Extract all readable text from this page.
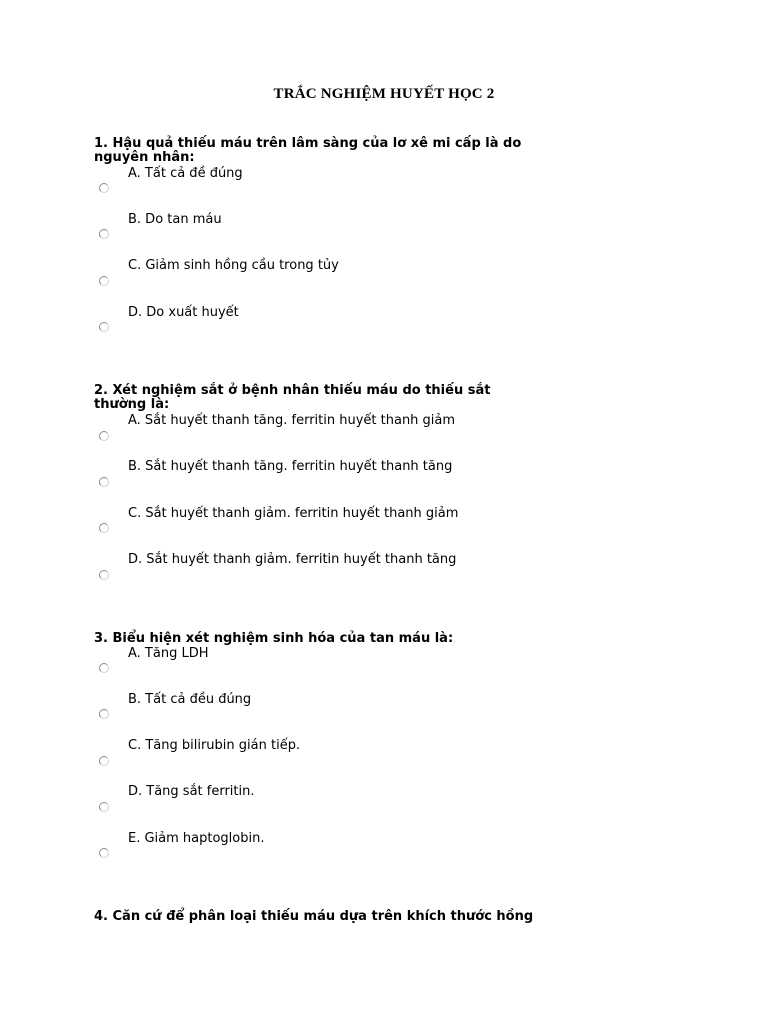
TRẮC NGHIỆM HUYẾT HỌC 2
1. Hậu quả thiếu máu trên lâm sàng của lơ xê mi cấp là do nguyên nhân:
A. Tất cả đề đúng
B. Do tan máu
C. Giảm sinh hồng cầu trong tủy
D. Do xuất huyết
2. Xét nghiệm sắt ở bệnh nhân thiếu máu do thiếu sắt thường là:
A. Sắt huyết thanh tăng. ferritin huyết thanh giảm
B. Sắt huyết thanh tăng. ferritin huyết thanh tăng
C. Sắt huyết thanh giảm. ferritin huyết thanh giảm
D. Sắt huyết thanh giảm. ferritin huyết thanh tăng
3. Biểu hiện xét nghiệm sinh hóa của tan máu là:
A. Tăng LDH
B. Tất cả đều đúng
C. Tăng bilirubin gián tiếp.
D. Tăng sắt ferritin.
E. Giảm haptoglobin.
4. Căn cứ để phân loại thiếu máu dựa trên khích thước hồng
